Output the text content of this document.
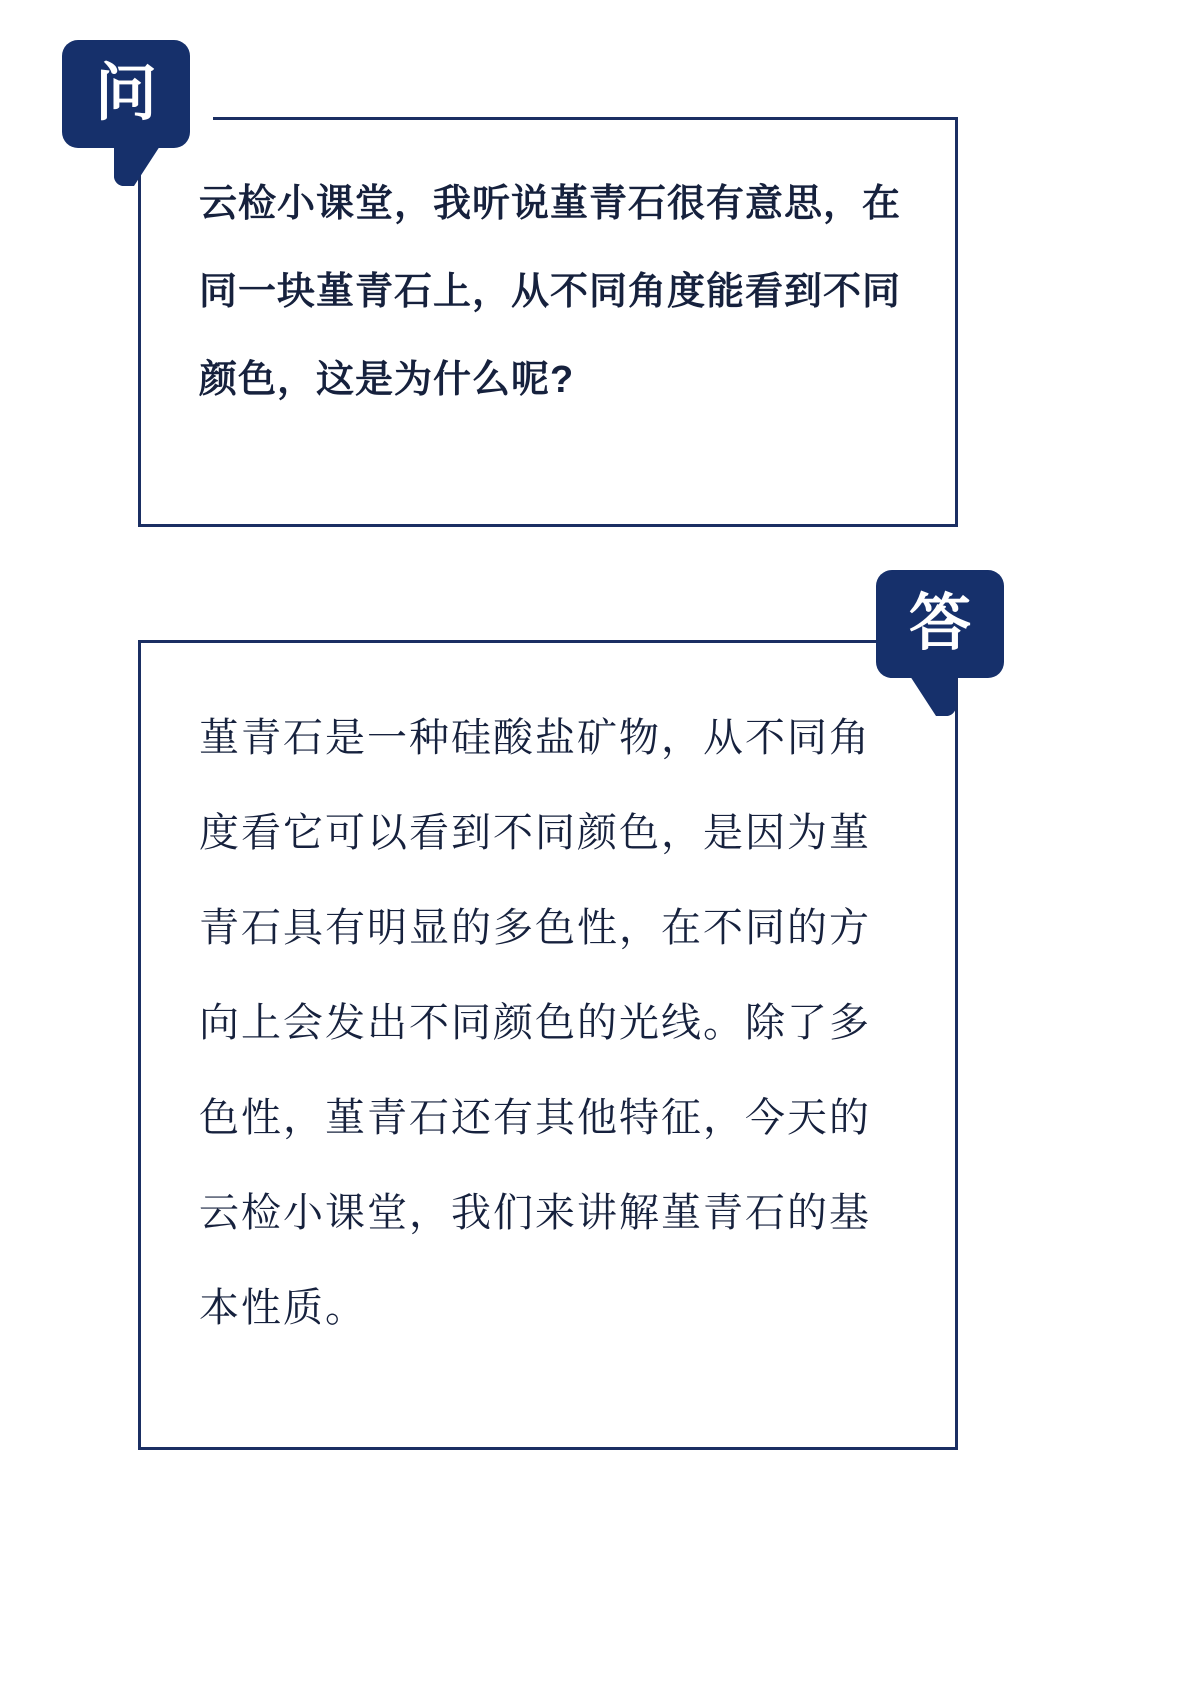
问
云检小课堂，我听说堇青石很有意思，在同一块堇青石上，从不同角度能看到不同颜色，这是为什么呢?
答
堇青石是一种硅酸盐矿物，从不同角度看它可以看到不同颜色，是因为堇青石具有明显的多色性，在不同的方向上会发出不同颜色的光线。除了多色性，堇青石还有其他特征，今天的云检小课堂，我们来讲解堇青石的基本性质。
